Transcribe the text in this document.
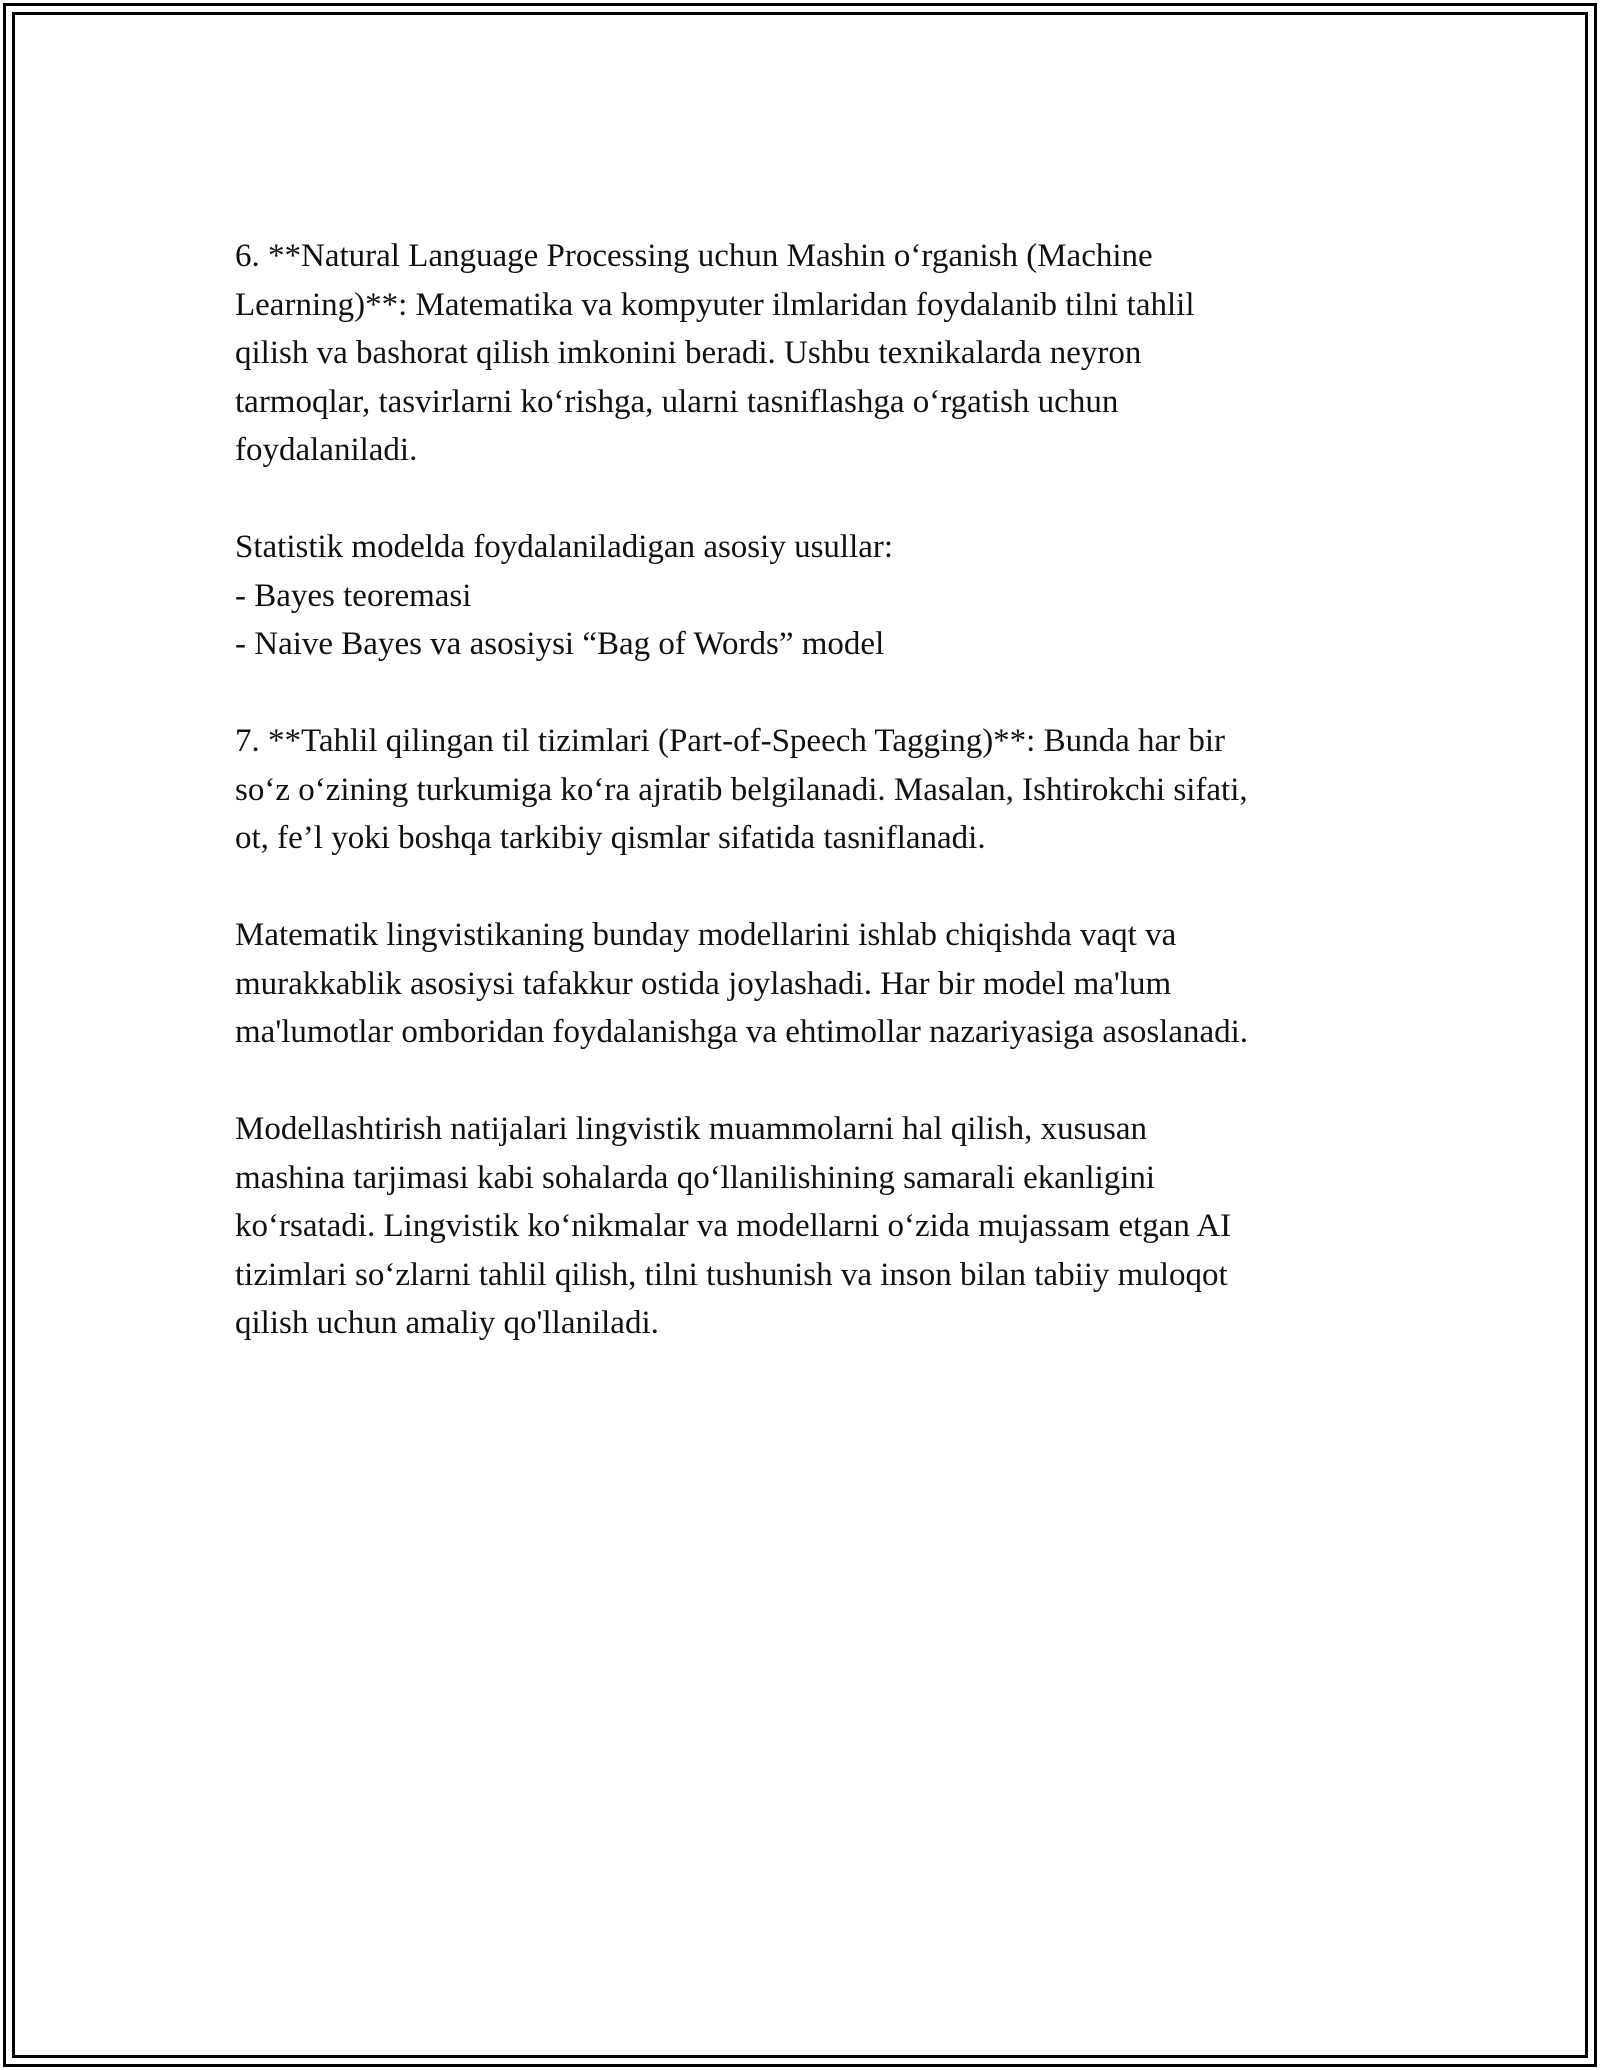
6. **Natural Language Processing uchun Mashin o‘rganish (Machine
Learning)**: Matematika va kompyuter ilmlaridan foydalanib tilni tahlil
qilish va bashorat qilish imkonini beradi. Ushbu texnikalarda neyron
tarmoqlar, tasvirlarni ko‘rishga, ularni tasniflashga o‘rgatish uchun
foydalaniladi.

Statistik modelda foydalaniladigan asosiy usullar:
- Bayes teoremasi
- Naive Bayes va asosiysi “Bag of Words” model

7. **Tahlil qilingan til tizimlari (Part-of-Speech Tagging)**: Bunda har bir
so‘z o‘zining turkumiga ko‘ra ajratib belgilanadi. Masalan, Ishtirokchi sifati,
ot, fe’l yoki boshqa tarkibiy qismlar sifatida tasniflanadi.

Matematik lingvistikaning bunday modellarini ishlab chiqishda vaqt va
murakkablik asosiysi tafakkur ostida joylashadi. Har bir model ma'lum
ma'lumotlar omboridan foydalanishga va ehtimollar nazariyasiga asoslanadi.

Modellashtirish natijalari lingvistik muammolarni hal qilish, xususan
mashina tarjimasi kabi sohalarda qo‘llanilishining samarali ekanligini
ko‘rsatadi. Lingvistik ko‘nikmalar va modellarni o‘zida mujassam etgan AI
tizimlari so‘zlarni tahlil qilish, tilni tushunish va inson bilan tabiiy muloqot
qilish uchun amaliy qo'llaniladi.
